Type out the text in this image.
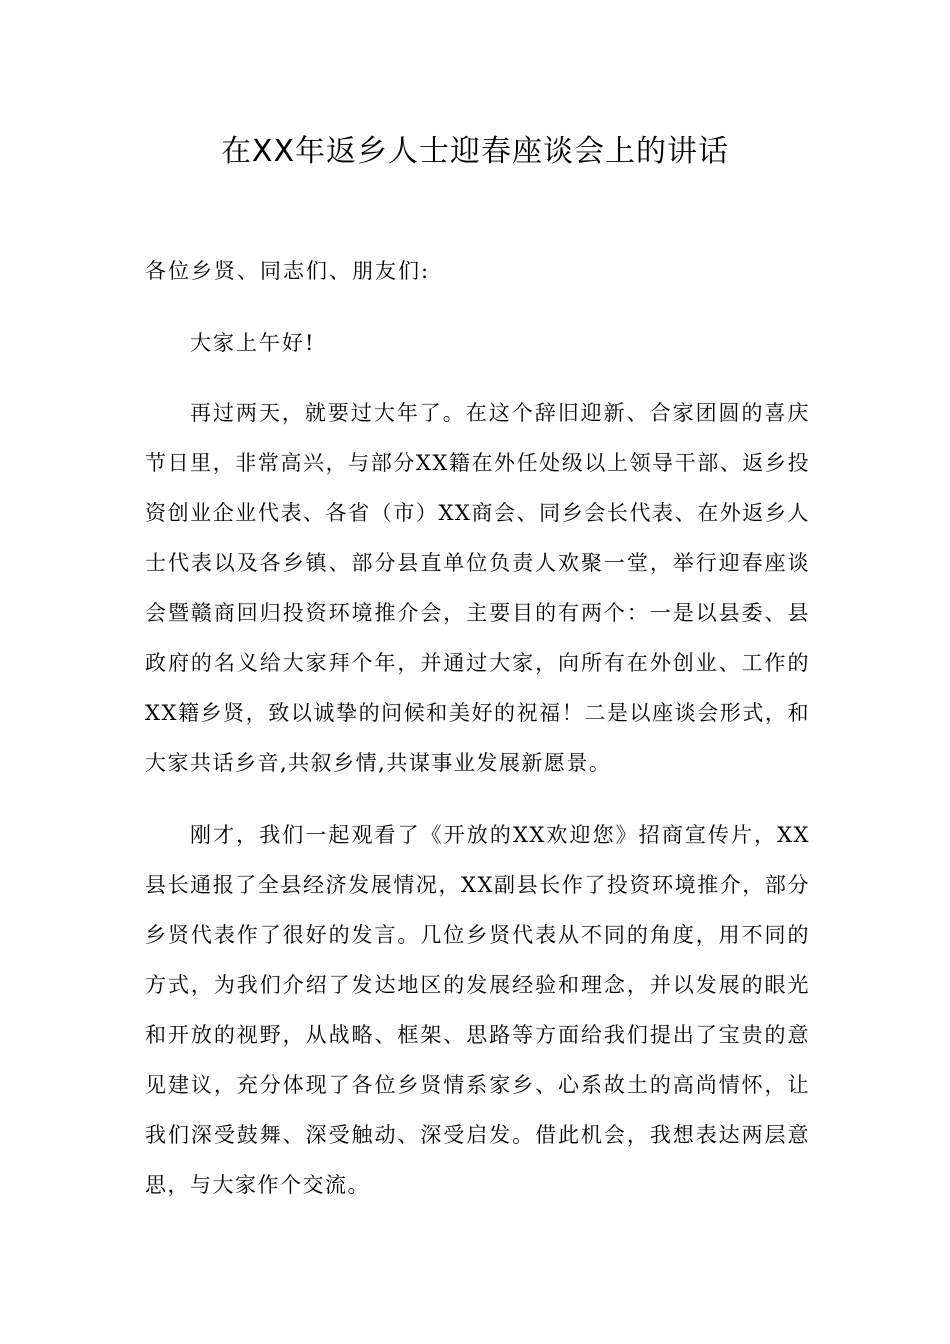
在XX年返乡人士迎春座谈会上的讲话
各位乡贤、同志们、朋友们:
大家上午好!

再过两天，就要过大年了。在这个辞旧迎新、合家团圆的喜庆节日里，非常高兴，与部分XX籍在外任处级以上领导干部、返乡投资创业企业代表、各省（市）XX商会、同乡会长代表、在外返乡人士代表以及各乡镇、部分县直单位负责人欢聚一堂，举行迎春座谈会暨赣商回归投资环境推介会，主要目的有两个：一是以县委、县政府的名义给大家拜个年，并通过大家，向所有在外创业、工作的XX籍乡贤，致以诚挚的问候和美好的祝福！二是以座谈会形式，和大家共话乡音,共叙乡情,共谋事业发展新愿景。

刚才，我们一起观看了《开放的XX欢迎您》招商宣传片，XX县长通报了全县经济发展情况，XX副县长作了投资环境推介，部分乡贤代表作了很好的发言。几位乡贤代表从不同的角度，用不同的方式，为我们介绍了发达地区的发展经验和理念，并以发展的眼光和开放的视野，从战略、框架、思路等方面给我们提出了宝贵的意见建议，充分体现了各位乡贤情系家乡、心系故土的高尚情怀，让我们深受鼓舞、深受触动、深受启发。借此机会，我想表达两层意思，与大家作个交流。
